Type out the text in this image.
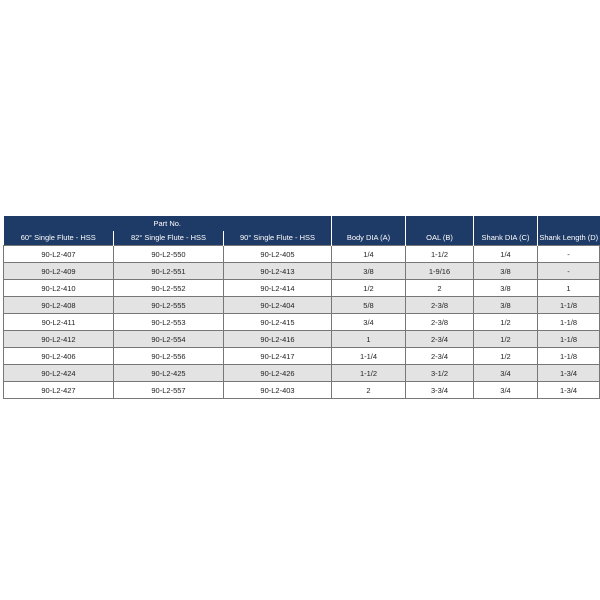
Part No.			Body DIA (A)	OAL (B)	Shank DIA (C)	Shank Length (D)
60° Single Flute - HSS	82° Single Flute - HSS	90° Single Flute - HSS				
90-L2-407	90-L2-550	90-L2-405	1/4	1-1/2	1/4	-
90-L2-409	90-L2-551	90-L2-413	3/8	1-9/16	3/8	-
90-L2-410	90-L2-552	90-L2-414	1/2	2	3/8	1
90-L2-408	90-L2-555	90-L2-404	5/8	2-3/8	3/8	1-1/8
90-L2-411	90-L2-553	90-L2-415	3/4	2-3/8	1/2	1-1/8
90-L2-412	90-L2-554	90-L2-416	1	2-3/4	1/2	1-1/8
90-L2-406	90-L2-556	90-L2-417	1-1/4	2-3/4	1/2	1-1/8
90-L2-424	90-L2-425	90-L2-426	1-1/2	3-1/2	3/4	1-3/4
90-L2-427	90-L2-557	90-L2-403	2	3-3/4	3/4	1-3/4
